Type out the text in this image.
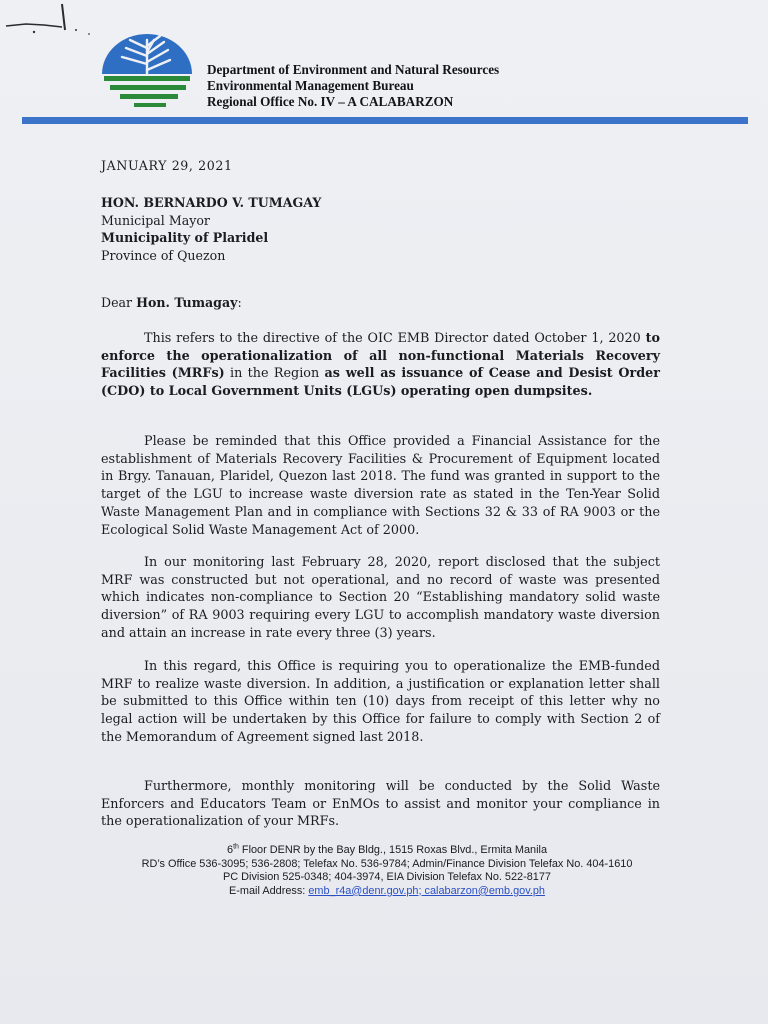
Department of Environment and Natural Resources
Environmental Management Bureau
Regional Office No. IV – A CALABARZON
JANUARY 29, 2021
HON. BERNARDO V. TUMAGAY
Municipal Mayor
Municipality of Plaridel
Province of Quezon
Dear Hon. Tumagay:

This refers to the directive of the OIC EMB Director dated October 1, 2020 to enforce the operationalization of all non-functional Materials Recovery Facilities (MRFs) in the Region as well as issuance of Cease and Desist Order (CDO) to Local Government Units (LGUs) operating open dumpsites.

Please be reminded that this Office provided a Financial Assistance for the establishment of Materials Recovery Facilities & Procurement of Equipment located in Brgy. Tanauan, Plaridel, Quezon last 2018. The fund was granted in support to the target of the LGU to increase waste diversion rate as stated in the Ten-Year Solid Waste Management Plan and in compliance with Sections 32 & 33 of RA 9003 or the Ecological Solid Waste Management Act of 2000.

In our monitoring last February 28, 2020, report disclosed that the subject MRF was constructed but not operational, and no record of waste was presented which indicates non-compliance to Section 20 “Establishing mandatory solid waste diversion” of RA 9003 requiring every LGU to accomplish mandatory waste diversion and attain an increase in rate every three (3) years.

In this regard, this Office is requiring you to operationalize the EMB-funded MRF to realize waste diversion. In addition, a justification or explanation letter shall be submitted to this Office within ten (10) days from receipt of this letter why no legal action will be undertaken by this Office for failure to comply with Section 2 of the Memorandum of Agreement signed last 2018.

Furthermore, monthly monitoring will be conducted by the Solid Waste Enforcers and Educators Team or EnMOs to assist and monitor your compliance in the operationalization of your MRFs.

6th Floor DENR by the Bay Bldg., 1515 Roxas Blvd., Ermita Manila
RD’s Office 536-3095; 536-2808; Telefax No. 536-9784; Admin/Finance Division Telefax No. 404-1610
PC Division 525-0348; 404-3974, EIA Division Telefax No. 522-8177
E-mail Address: emb_r4a@denr.gov.ph; calabarzon@emb.gov.ph
